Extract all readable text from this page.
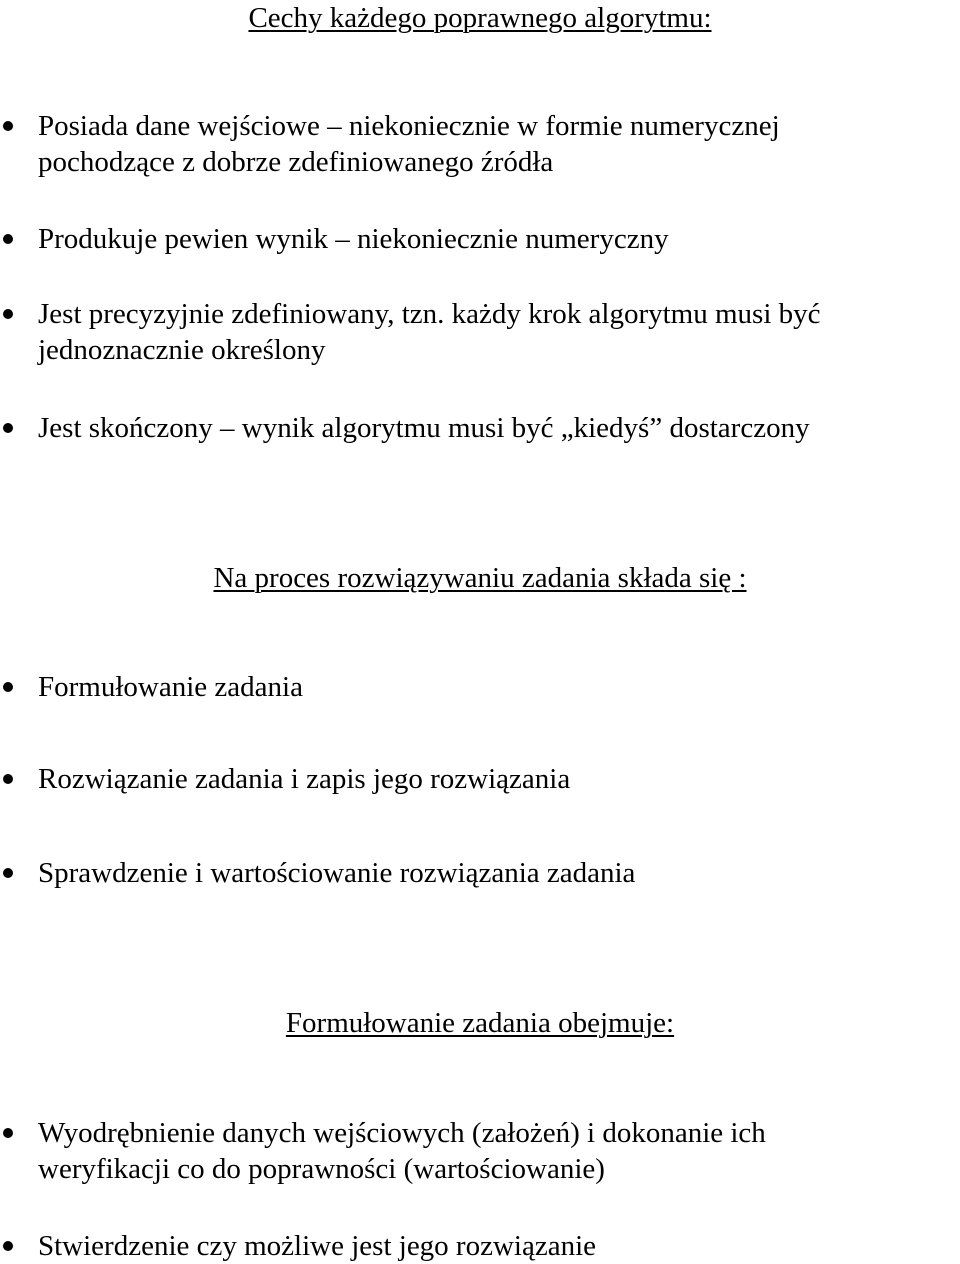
Cechy każdego poprawnego algorytmu:
Posiada dane wejściowe – niekoniecznie w formie numerycznej
pochodzące z dobrze zdefiniowanego źródła
Produkuje pewien wynik – niekoniecznie numeryczny
Jest precyzyjnie zdefiniowany, tzn. każdy krok algorytmu musi być
jednoznacznie określony
Jest skończony – wynik algorytmu musi być „kiedyś” dostarczony
Na proces rozwiązywaniu zadania składa się :
Formułowanie zadania
Rozwiązanie zadania i zapis jego rozwiązania
Sprawdzenie i wartościowanie rozwiązania zadania
Formułowanie zadania obejmuje:
Wyodrębnienie danych wejściowych (założeń) i dokonanie ich
weryfikacji co do poprawności (wartościowanie)
Stwierdzenie czy możliwe jest jego rozwiązanie
